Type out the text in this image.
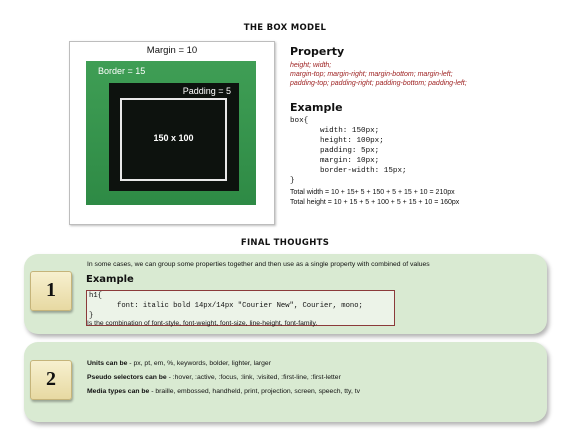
THE BOX MODEL
Margin = 10
Border = 15
Padding = 5
150 x 100
Property
height; width;
margin-top; margin-right; margin-bottom; margin-left;
padding-top; padding-right; padding-bottom; padding-left;
Example
box{
width: 150px;
height: 100px;
padding: 5px;
margin: 10px;
border-width: 15px;
}
Total width = 10 + 15+ 5 + 150 + 5 + 15 + 10 = 210px
Total height = 10 + 15 + 5 + 100 + 5 + 15 + 10 = 160px
FINAL THOUGHTS
1
In some cases, we can group some properties together and then use as a single property with combined of values
Example
h1{
font: italic bold 14px/14px "Courier New", Courier, mono;
}
Is the combination of font-style, font-weight, font-size, line-height, font-family.
2
Units can be - px, pt, em, %, keywords, bolder, lighter, larger
Pseudo selectors can be - :hover, :active, :focus, :link, :visited, :first-line, :first-letter
Media types can be - braille, embossed, handheld, print, projection, screen, speech, tty, tv
